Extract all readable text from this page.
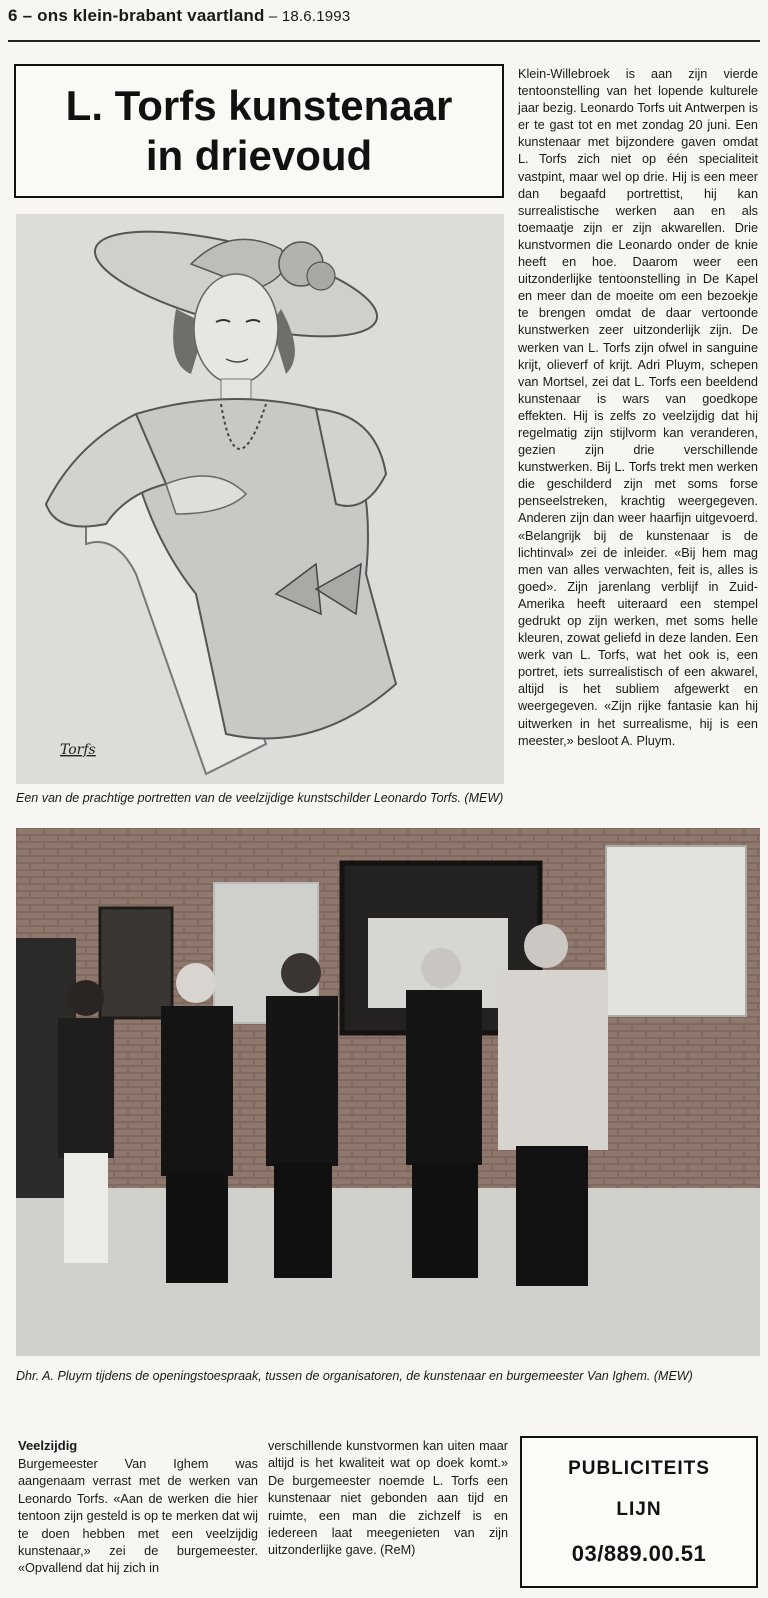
6 – ons klein-brabant vaartland – 18.6.1993
L. Torfs kunstenaar
in drievoud
Torfs
Een van de prachtige portretten van de veelzijdige kunstschilder Leonardo Torfs. (MEW)
Klein-Willebroek is aan zijn vierde tentoonstelling van het lopende kulturele jaar bezig. Leonardo Torfs uit Antwerpen is er te gast tot en met zondag 20 juni. Een kunstenaar met bijzondere gaven omdat L. Torfs zich niet op één specialiteit vastpint, maar wel op drie. Hij is een meer dan begaafd portrettist, hij kan surrealistische werken aan en als toemaatje zijn er zijn akwarellen. Drie kunstvormen die Leonardo onder de knie heeft en hoe. Daarom weer een uitzonderlijke tentoonstelling in De Kapel en meer dan de moeite om een bezoekje te brengen omdat de daar vertoonde kunstwerken zeer uitzonderlijk zijn. De werken van L. Torfs zijn ofwel in sanguine krijt, olieverf of krijt. Adri Pluym, schepen van Mortsel, zei dat L. Torfs een beeldend kunstenaar is wars van goedkope effekten. Hij is zelfs zo veelzijdig dat hij regelmatig zijn stijlvorm kan veranderen, gezien zijn drie verschillende kunstwerken. Bij L. Torfs trekt men werken die geschilderd zijn met soms forse penseelstreken, krachtig weergegeven. Anderen zijn dan weer haarfijn uitgevoerd. «Belangrijk bij de kunstenaar is de lichtinval» zei de inleider. «Bij hem mag men van alles verwachten, feit is, alles is goed». Zijn jarenlang verblijf in Zuid-Amerika heeft uiteraard een stempel gedrukt op zijn werken, met soms helle kleuren, zowat geliefd in deze landen. Een werk van L. Torfs, wat het ook is, een portret, iets surrealistisch of een akwarel, altijd is het subliem afgewerkt en weergegeven. «Zijn rijke fantasie kan hij uitwerken in het surrealisme, hij is een meester,» besloot A. Pluym.
Dhr. A. Pluym tijdens de openingstoespraak, tussen de organisatoren, de kunstenaar en burgemeester Van Ighem. (MEW)
Veelzijdig
Burgemeester Van Ighem was aangenaam verrast met de werken van Leonardo Torfs. «Aan de werken die hier tentoon zijn gesteld is op te merken dat wij te doen hebben met een veelzijdig kunstenaar,» zei de burgemeester. «Opvallend dat hij zich in
verschillende kunstvormen kan uiten maar altijd is het kwaliteit wat op doek komt.» De burgemeester noemde L. Torfs een kunstenaar niet gebonden aan tijd en ruimte, een man die zichzelf is en iedereen laat meegenieten van zijn uitzonderlijke gave. (ReM)
PUBLICITEITS
LIJN
03/889.00.51
